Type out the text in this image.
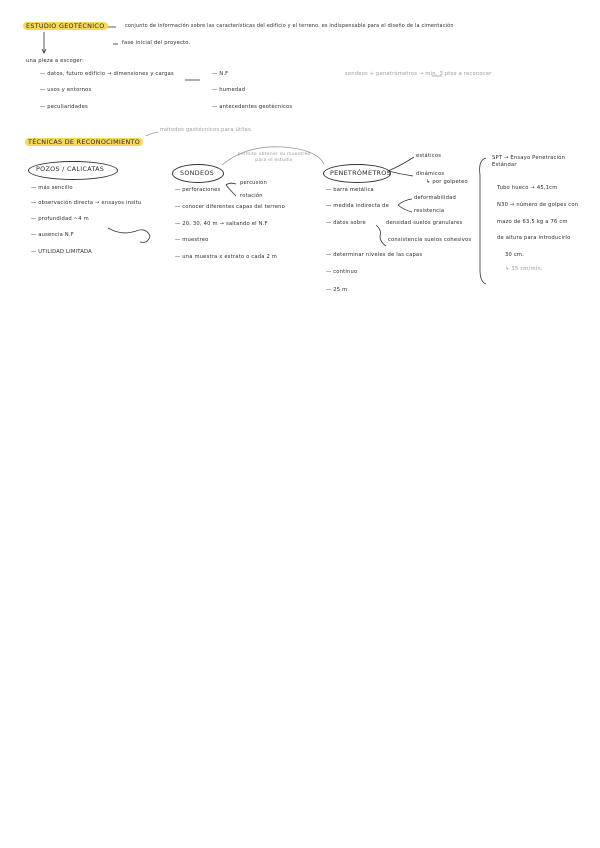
ESTUDIO GEOTÉCNICO	conjunto de información sobre las características del edificio y el terreno. es indispensable para el diseño de la cimentación
fase inicial del proyecto.
una pieza a escoger:
— datos, futuro edificio → dimensiones y cargas
— usos y entornos
— peculiaridades
— N.F
— humedad
— antecedentes geotécnicos
sondeos + penetrómetros → min. 3 ptos a reconocer
TÉCNICAS DE RECONOCIMIENTO
métodos geotécnicos para útiles.
POZOS / CALICATAS
— más sencillo
— observación directa → ensayos insitu
— profundidad ~4 m
— ausencia N.F
— UTILIDAD LIMITADA
SONDEOS
permite obtener su muestreo para el estudio
— perforaciones
percusión
rotación
— conocer diferentes capas del terreno
— 20, 30, 40 m → saltando el N.F
— muestreo
— una muestra x estrato o cada 2 m
PENETRÓMETROS
estáticos
dinámicos
↳ por golpeteo
— barra metálica
— medida indirecta de
deformabilidad
resistencia
— datos sobre	densidad suelos granulares
consistencia suelos cohesivos
— determinar niveles de las capas
— continuo
— 25 m
SPT → Ensayo Penetración Estándar
Tubo hueco → 45,1cm
N30 → número de golpes con
mazo de 63,5 kg a 76 cm
de altura para introducirlo
30 cm.
↳ 35 cm/mín.
